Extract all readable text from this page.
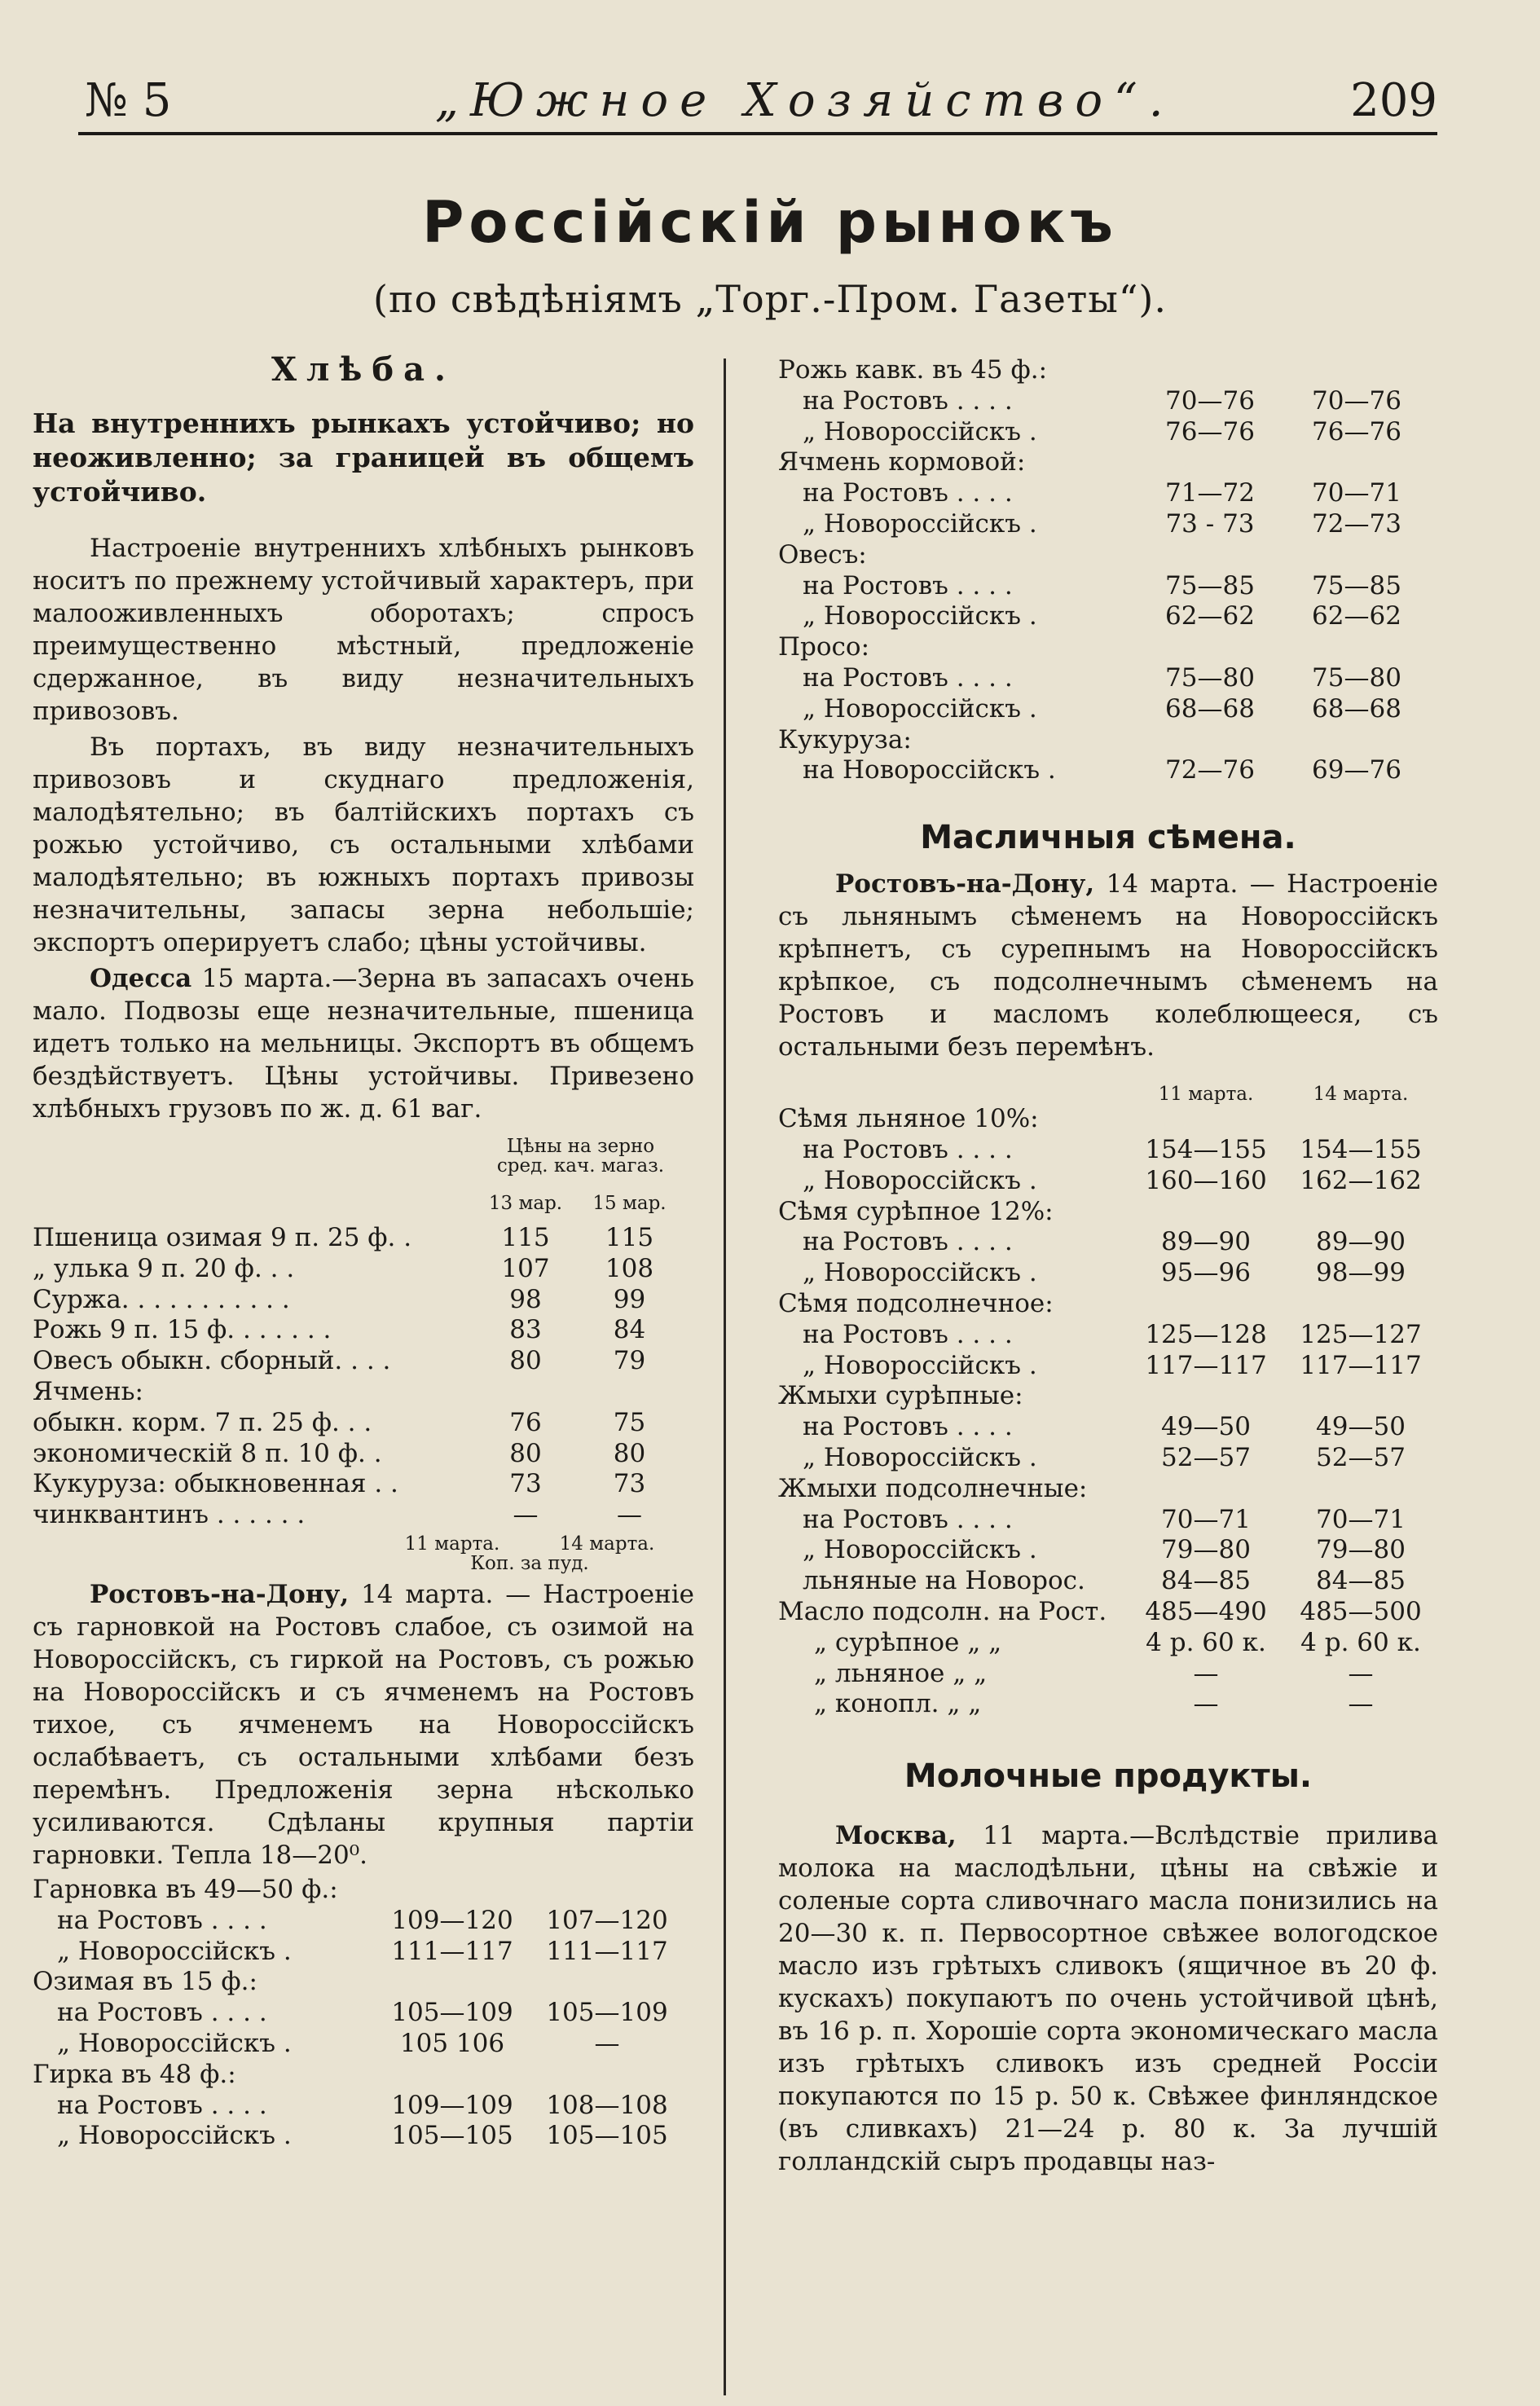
№ 5	„Южное Хозяйство“.	209
Россiйскiй рынокъ
(по свѣдѣнiямъ „Торг.-Пром. Газеты“).
Хлѣба.
На внутреннихъ рынкахъ устойчиво; но неоживленно; за границей въ общемъ устойчиво.
Настроенiе внутреннихъ хлѣбныхъ рынковъ носитъ по прежнему устойчивый характеръ, при малооживленныхъ оборотахъ; спросъ преимущественно мѣстный, предложенiе сдержанное, въ виду незначительныхъ привозовъ.
Въ портахъ, въ виду незначительныхъ привозовъ и скуднаго предложенiя, малодѣятельно; въ балтiйскихъ портахъ съ рожью устойчиво, съ остальными хлѣбами малодѣятельно; въ южныхъ портахъ привозы незначительны, запасы зерна небольшiе; экспортъ оперируетъ слабо; цѣны устойчивы.
Одесса 15 марта.—Зерна въ запасахъ очень мало. Подвозы еще незначительные, пшеница идетъ только на мельницы. Экспортъ въ общемъ бездѣйствуетъ. Цѣны устойчивы. Привезено хлѣбныхъ грузовъ по ж. д. 61 ваг.
	Цѣны на зерно	
	сред. кач. магаз.	
	13 мар.	15 мар.
Пшеница озимая 9 п. 25 ф. .	115	115
„ улька 9 п. 20 ф. . .	107	108
Суржа. . . . . . . . . . .	98	99
Рожь 9 п. 15 ф. . . . . . .	83	84
Овесъ обыкн. сборный. . . .	80	79
Ячмень:		
обыкн. корм. 7 п. 25 ф. . .	76	75
экономическiй 8 п. 10 ф. .	80	80
Кукуруза: обыкновенная . .	73	73
чинквантинъ . . . . . .	—	—
	11 марта.	14 марта.
	Коп. за пуд.	
Ростовъ-на-Дону, 14 марта. — Настроенiе съ гарновкой на Ростовъ слабое, съ озимой на Новороссiйскъ, съ гиркой на Ростовъ, съ рожью на Новороссiйскъ и съ ячменемъ на Ростовъ тихое, съ ячменемъ на Новороссiйскъ ослабѣваетъ, съ остальными хлѣбами безъ перемѣнъ. Предложенiя зерна нѣсколько усиливаются. Сдѣланы крупныя партiи гарновки. Тепла 18—20⁰.
Гарновка въ 49—50 ф.:		
на Ростовъ . . . .	109—120	107—120
„ Новороссiйскъ .	111—117	111—117
Озимая въ 15 ф.:		
на Ростовъ . . . .	105—109	105—109
„ Новороссiйскъ .	105 106	—
Гирка въ 48 ф.:		
на Ростовъ . . . .	109—109	108—108
„ Новороссiйскъ .	105—105	105—105
Рожь кавк. въ 45 ф.:		
на Ростовъ . . . .	70—76	70—76
„ Новороссiйскъ .	76—76	76—76
Ячмень кормовой:		
на Ростовъ . . . .	71—72	70—71
„ Новороссiйскъ .	73 - 73	72—73
Овесъ:		
на Ростовъ . . . .	75—85	75—85
„ Новороссiйскъ .	62—62	62—62
Просо:		
на Ростовъ . . . .	75—80	75—80
„ Новороссiйскъ .	68—68	68—68
Кукуруза:		
на Новороссiйскъ .	72—76	69—76
Масличныя сѣмена.
Ростовъ-на-Дону, 14 марта. — Настроенiе съ льнянымъ сѣменемъ на Новороссiйскъ крѣпнетъ, съ сурепнымъ на Новороссiйскъ крѣпкое, съ подсолнечнымъ сѣменемъ на Ростовъ и масломъ колеблющееся, съ остальными безъ перемѣнъ.
	11 марта.	14 марта.
Сѣмя льняное 10%:		
на Ростовъ . . . .	154—155	154—155
„ Новороссiйскъ .	160—160	162—162
Сѣмя сурѣпное 12%:		
на Ростовъ . . . .	89—90	89—90
„ Новороссiйскъ .	95—96	98—99
Сѣмя подсолнечное:		
на Ростовъ . . . .	125—128	125—127
„ Новороссiйскъ .	117—117	117—117
Жмыхи сурѣпные:		
на Ростовъ . . . .	49—50	49—50
„ Новороссiйскъ .	52—57	52—57
Жмыхи подсолнечные:		
на Ростовъ . . . .	70—71	70—71
„ Новороссiйскъ .	79—80	79—80
льняные на Новорос.	84—85	84—85
Масло подсолн. на Рост.	485—490	485—500
„ сурѣпное „ „	4 р. 60 к.	4 р. 60 к.
„ льняное „ „	—	—
„ конопл. „ „	—	—
Молочные продукты.
Москва, 11 марта.—Вслѣдствiе прилива молока на маслодѣльни, цѣны на свѣжiе и соленые сорта сливочнаго масла понизились на 20—30 к. п. Первосортное свѣжее вологодское масло изъ грѣтыхъ сливокъ (ящичное въ 20 ф. кускахъ) покупаютъ по очень устойчивой цѣнѣ, въ 16 р. п. Хорошiе сорта экономическаго масла изъ грѣтыхъ сливокъ изъ средней Россiи покупаются по 15 р. 50 к. Свѣжее финляндское (въ сливкахъ) 21—24 р. 80 к. За лучшiй голландскiй сыръ продавцы наз-
